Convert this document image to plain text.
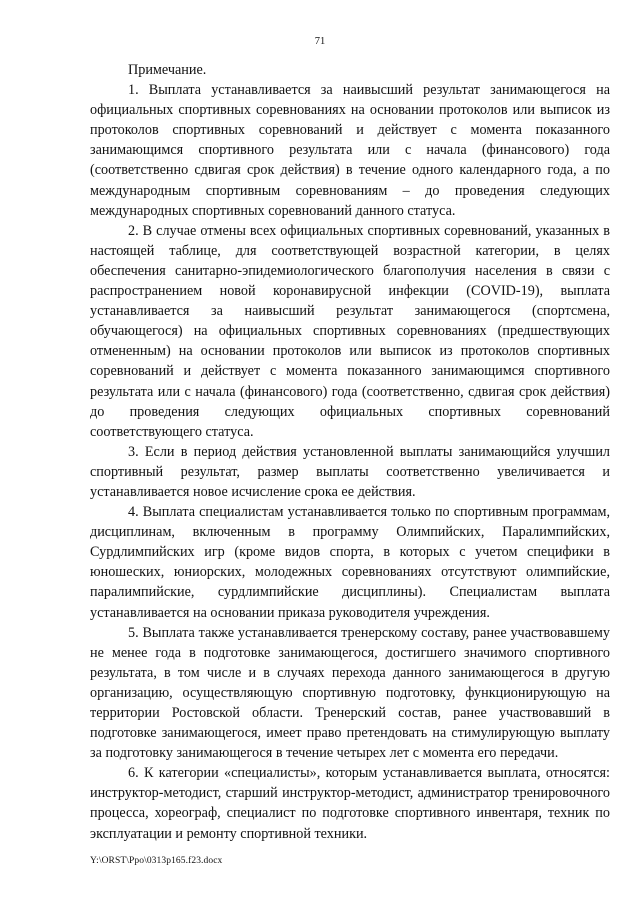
71

Примечание.

1. Выплата устанавливается за наивысший результат занимающегося на официальных спортивных соревнованиях на основании протоколов или выписок из протоколов спортивных соревнований и действует с момента показанного занимающимся спортивного результата или с начала (финансового) года (соответственно сдвигая срок действия) в течение одного календарного года, а по международным спортивным соревнованиям – до проведения следующих международных спортивных соревнований данного статуса.

2. В случае отмены всех официальных спортивных соревнований, указанных в настоящей таблице, для соответствующей возрастной категории, в целях обеспечения санитарно-эпидемиологического благополучия населения в связи с распространением новой коронавирусной инфекции (COVID-19), выплата устанавливается за наивысший результат занимающегося (спортсмена, обучающегося) на официальных спортивных соревнованиях (предшествующих отмененным) на основании протоколов или выписок из протоколов спортивных соревнований и действует с момента показанного занимающимся спортивного результата или с начала (финансового) года (соответственно, сдвигая срок действия) до проведения следующих официальных спортивных соревнований соответствующего статуса.

3. Если в период действия установленной выплаты занимающийся улучшил спортивный результат, размер выплаты соответственно увеличивается и устанавливается новое исчисление срока ее действия.

4. Выплата специалистам устанавливается только по спортивным программам, дисциплинам, включенным в программу Олимпийских, Паралимпийских, Сурдлимпийских игр (кроме видов спорта, в которых с учетом специфики в юношеских, юниорских, молодежных соревнованиях отсутствуют олимпийские, паралимпийские, сурдлимпийские дисциплины). Специалистам выплата устанавливается на основании приказа руководителя учреждения.

5. Выплата также устанавливается тренерскому составу, ранее участвовавшему не менее года в подготовке занимающегося, достигшего значимого спортивного результата, в том числе и в случаях перехода данного занимающегося в другую организацию, осуществляющую спортивную подготовку, функционирующую на территории Ростовской области. Тренерский состав, ранее участвовавший в подготовке занимающегося, имеет право претендовать на стимулирующую выплату за подготовку занимающегося в течение четырех лет с момента его передачи.

6. К категории «специалисты», которым устанавливается выплата, относятся: инструктор-методист, старший инструктор-методист, администратор тренировочного процесса, хореограф, специалист по подготовке спортивного инвентаря, техник по эксплуатации и ремонту спортивной техники.

Y:\ORST\Ppo\0313p165.f23.docx
